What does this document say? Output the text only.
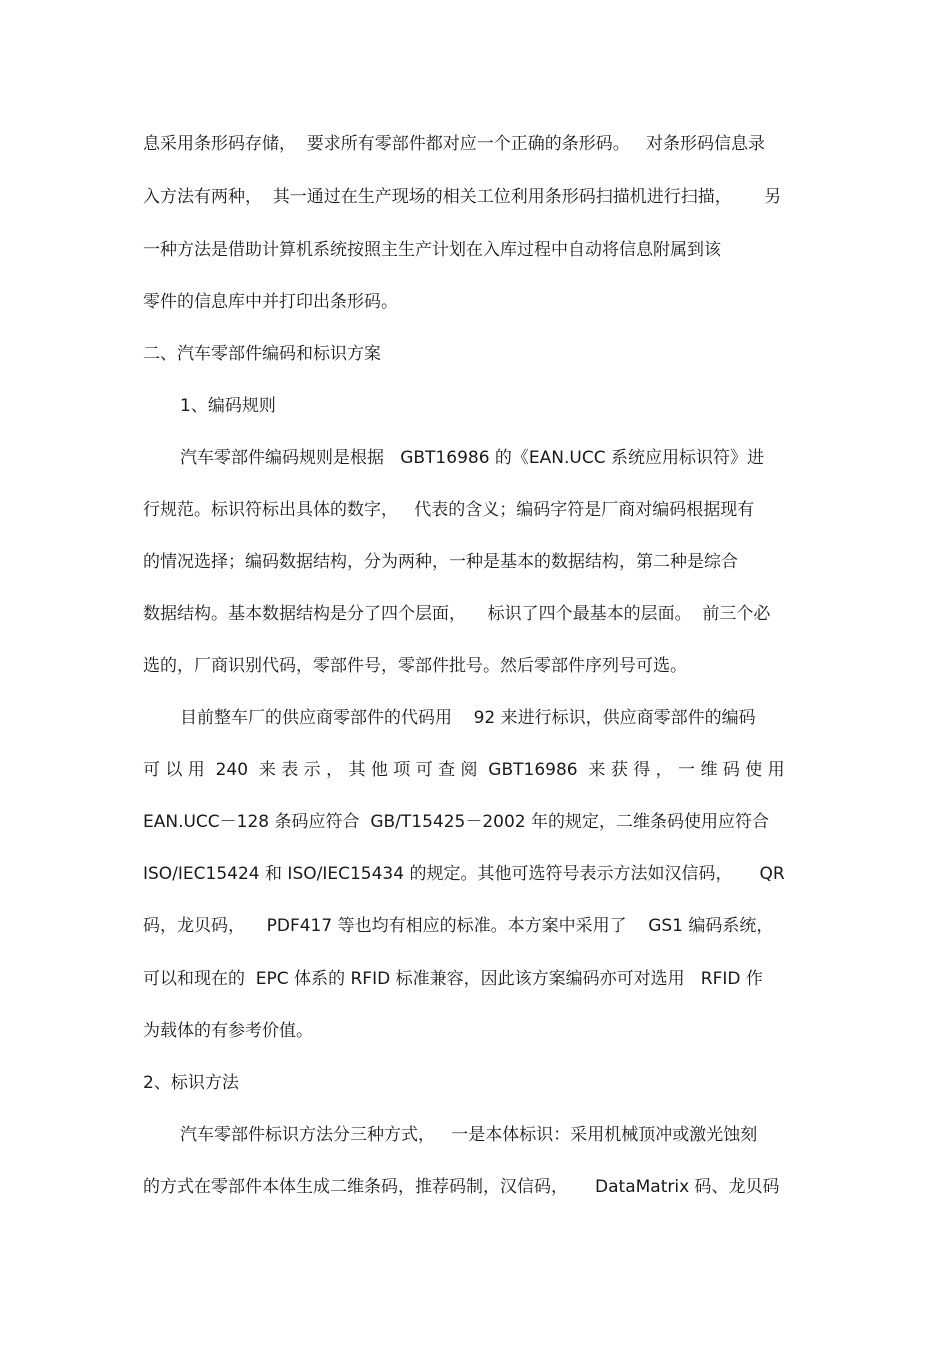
息采用条形码存储，  要求所有零部件都对应一个正确的条形码。   对条形码信息录
入方法有两种，  其一通过在生产现场的相关工位利用条形码扫描机进行扫描，      另
一种方法是借助计算机系统按照主生产计划在入库过程中自动将信息附属到该
零件的信息库中并打印出条形码。
二、汽车零部件编码和标识方案
1、编码规则
汽车零部件编码规则是根据   GBT16986 的《EAN.UCC 系统应用标识符》进
行规范。标识符标出具体的数字，   代表的含义；编码字符是厂商对编码根据现有
的情况选择；编码数据结构，分为两种，一种是基本的数据结构，第二种是综合
数据结构。基本数据结构是分了四个层面，    标识了四个最基本的层面。  前三个必
选的，厂商识别代码，零部件号，零部件批号。然后零部件序列号可选。
目前整车厂的供应商零部件的代码用    92 来进行标识，供应商零部件的编码
可 以 用  240  来 表 示 ， 其 他 项 可 查 阅  GBT16986  来 获 得 ， 一 维 码 使 用
EAN.UCC－128 条码应符合  GB/T15425－2002 年的规定，二维条码使用应符合
ISO/IEC15424 和 ISO/IEC15434 的规定。其他可选符号表示方法如汉信码，     QR
码，龙贝码，    PDF417 等也均有相应的标准。本方案中采用了    GS1 编码系统，
可以和现在的  EPC 体系的 RFID 标准兼容，因此该方案编码亦可对选用   RFID 作
为载体的有参考价值。
2、标识方法
汽车零部件标识方法分三种方式，   一是本体标识：采用机械顶冲或激光蚀刻
的方式在零部件本体生成二维条码，推荐码制，汉信码，     DataMatrix 码、龙贝码
